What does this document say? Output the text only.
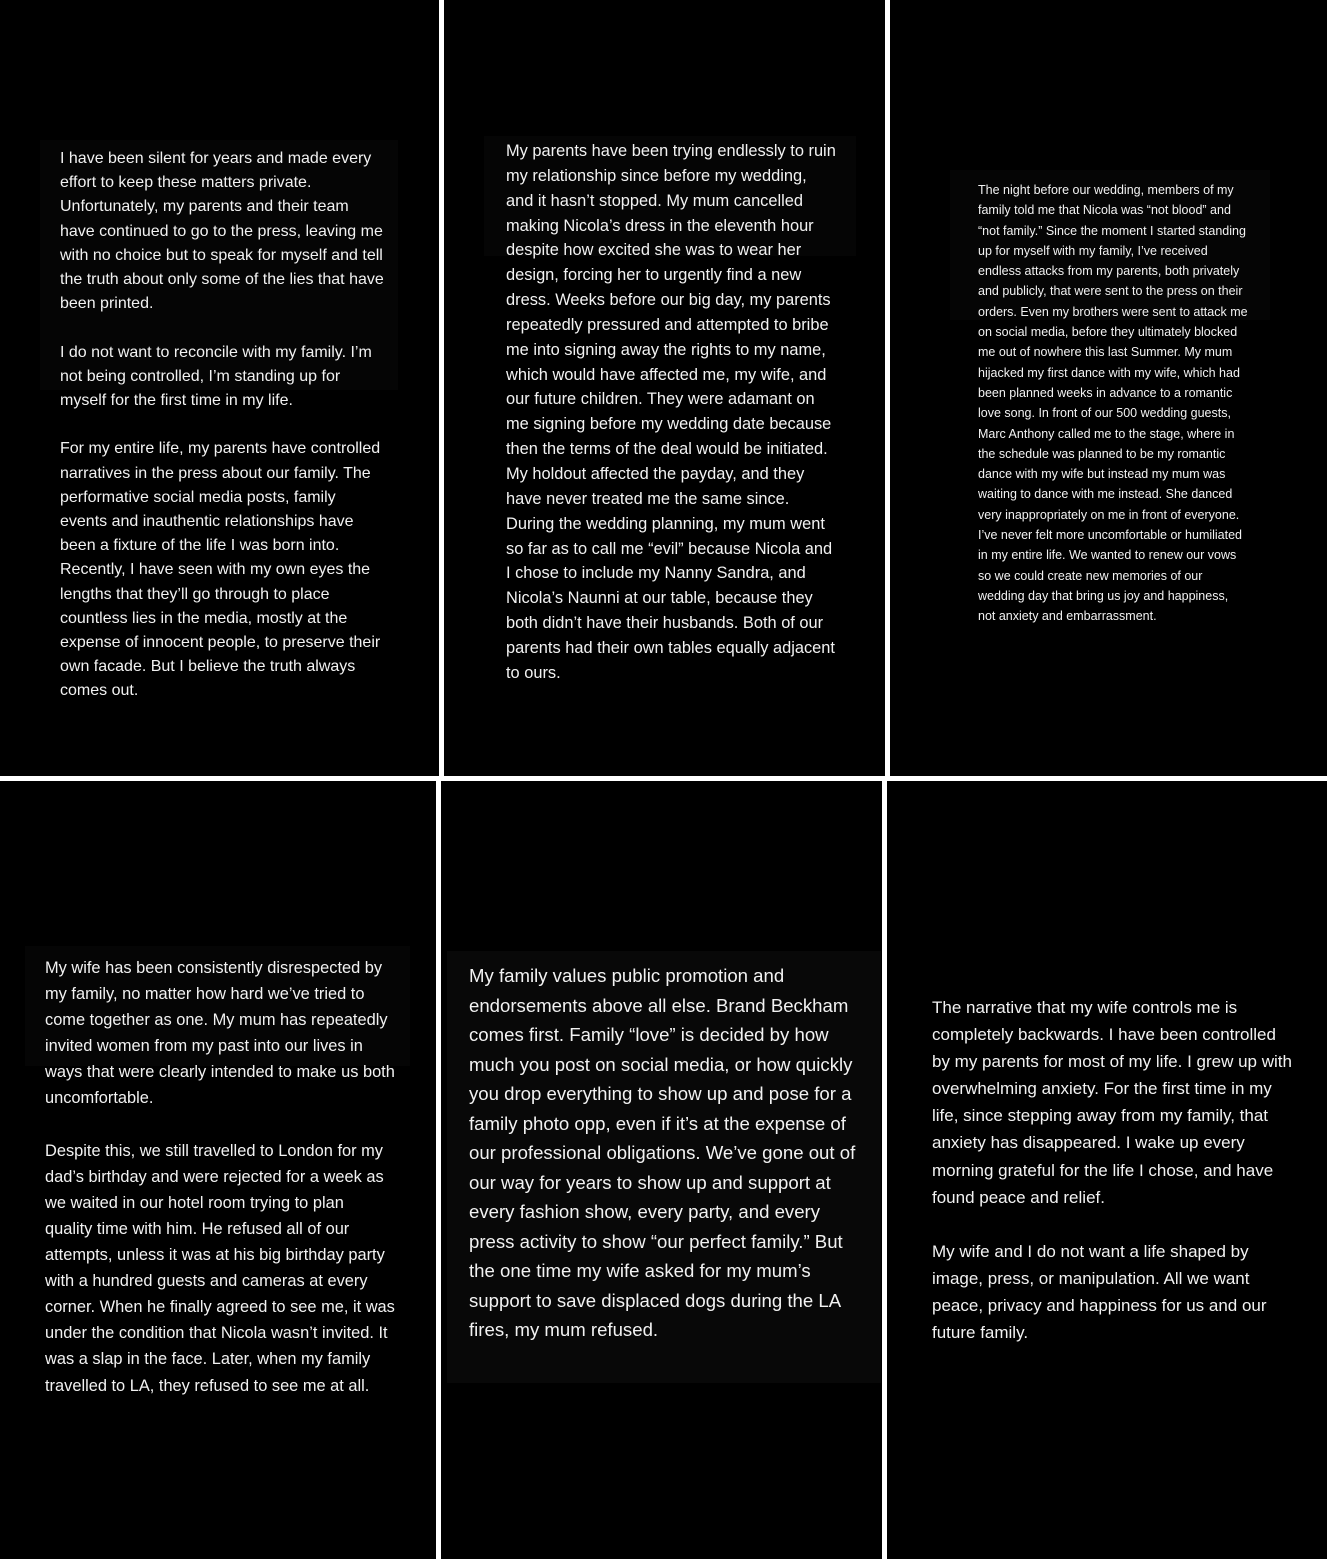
I have been silent for years and made every effort to keep these matters private. Unfortunately, my parents and their team have continued to go to the press, leaving me with no choice but to speak for myself and tell the truth about only some of the lies that have been printed.

I do not want to reconcile with my family. I’m not being controlled, I’m standing up for myself for the first time in my life.

For my entire life, my parents have controlled narratives in the press about our family. The performative social media posts, family events and inauthentic relationships have been a fixture of the life I was born into. Recently, I have seen with my own eyes the lengths that they’ll go through to place countless lies in the media, mostly at the expense of innocent people, to preserve their own facade. But I believe the truth always comes out.
My parents have been trying endlessly to ruin my relationship since before my wedding, and it hasn’t stopped. My mum cancelled making Nicola’s dress in the eleventh hour despite how excited she was to wear her design, forcing her to urgently find a new dress. Weeks before our big day, my parents repeatedly pressured and attempted to bribe me into signing away the rights to my name, which would have affected me, my wife, and our future children. They were adamant on me signing before my wedding date because then the terms of the deal would be initiated. My holdout affected the payday, and they have never treated me the same since. During the wedding planning, my mum went so far as to call me “evil” because Nicola and I chose to include my Nanny Sandra, and Nicola’s Naunni at our table, because they both didn’t have their husbands. Both of our parents had their own tables equally adjacent to ours.
The night before our wedding, members of my family told me that Nicola was “not blood” and “not family.” Since the moment I started standing up for myself with my family, I’ve received endless attacks from my parents, both privately and publicly, that were sent to the press on their orders. Even my brothers were sent to attack me on social media, before they ultimately blocked me out of nowhere this last Summer. My mum hijacked my first dance with my wife, which had been planned weeks in advance to a romantic love song. In front of our 500 wedding guests, Marc Anthony called me to the stage, where in the schedule was planned to be my romantic dance with my wife but instead my mum was waiting to dance with me instead. She danced very inappropriately on me in front of everyone. I’ve never felt more uncomfortable or humiliated in my entire life. We wanted to renew our vows so we could create new memories of our wedding day that bring us joy and happiness, not anxiety and embarrassment.
My wife has been consistently disrespected by my family, no matter how hard we’ve tried to come together as one. My mum has repeatedly invited women from my past into our lives in ways that were clearly intended to make us both uncomfortable.

Despite this, we still travelled to London for my dad’s birthday and were rejected for a week as we waited in our hotel room trying to plan quality time with him. He refused all of our attempts, unless it was at his big birthday party with a hundred guests and cameras at every corner. When he finally agreed to see me, it was under the condition that Nicola wasn’t invited. It was a slap in the face. Later, when my family travelled to LA, they refused to see me at all.
My family values public promotion and endorsements above all else. Brand Beckham comes first. Family “love” is decided by how much you post on social media, or how quickly you drop everything to show up and pose for a family photo opp, even if it’s at the expense of our professional obligations. We’ve gone out of our way for years to show up and support at every fashion show, every party, and every press activity to show “our perfect family.” But the one time my wife asked for my mum’s support to save displaced dogs during the LA fires, my mum refused.
The narrative that my wife controls me is completely backwards. I have been controlled by my parents for most of my life. I grew up with overwhelming anxiety. For the first time in my life, since stepping away from my family, that anxiety has disappeared. I wake up every morning grateful for the life I chose, and have found peace and relief.

My wife and I do not want a life shaped by image, press, or manipulation. All we want peace, privacy and happiness for us and our future family.
